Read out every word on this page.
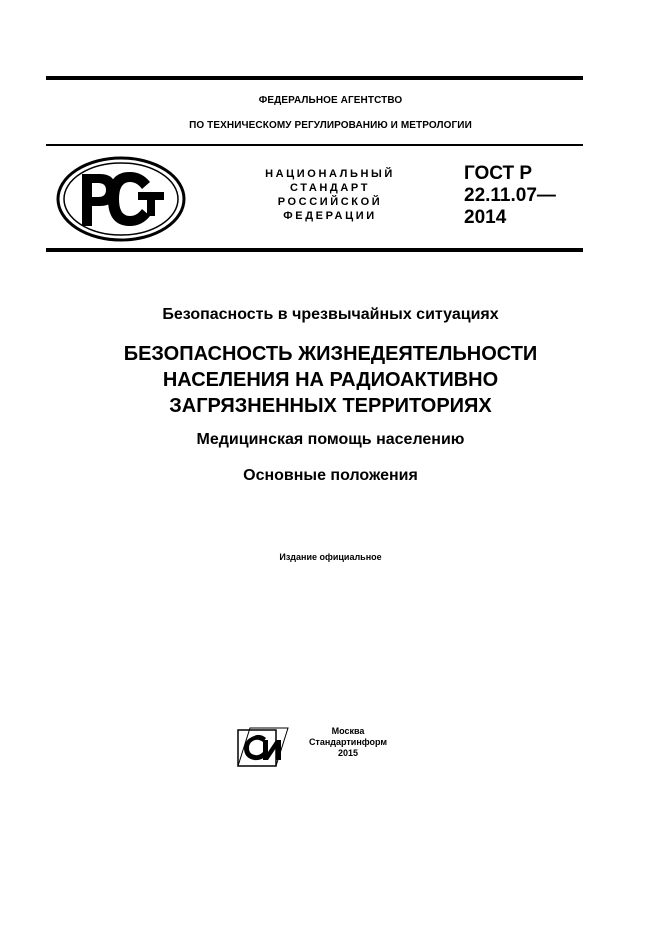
ФЕДЕРАЛЬНОЕ АГЕНТСТВО
ПО ТЕХНИЧЕСКОМУ РЕГУЛИРОВАНИЮ И МЕТРОЛОГИИ
НАЦИОНАЛЬНЫЙ
СТАНДАРТ
РОССИЙСКОЙ
ФЕДЕРАЦИИ
ГОСТ Р
22.11.07—
2014
Безопасность в чрезвычайных ситуациях
БЕЗОПАСНОСТЬ ЖИЗНЕДЕЯТЕЛЬНОСТИ
НАСЕЛЕНИЯ НА РАДИОАКТИВНО
ЗАГРЯЗНЕННЫХ ТЕРРИТОРИЯХ
Медицинская помощь населению
Основные положения
Издание официальное
Москва
Стандартинформ
2015
